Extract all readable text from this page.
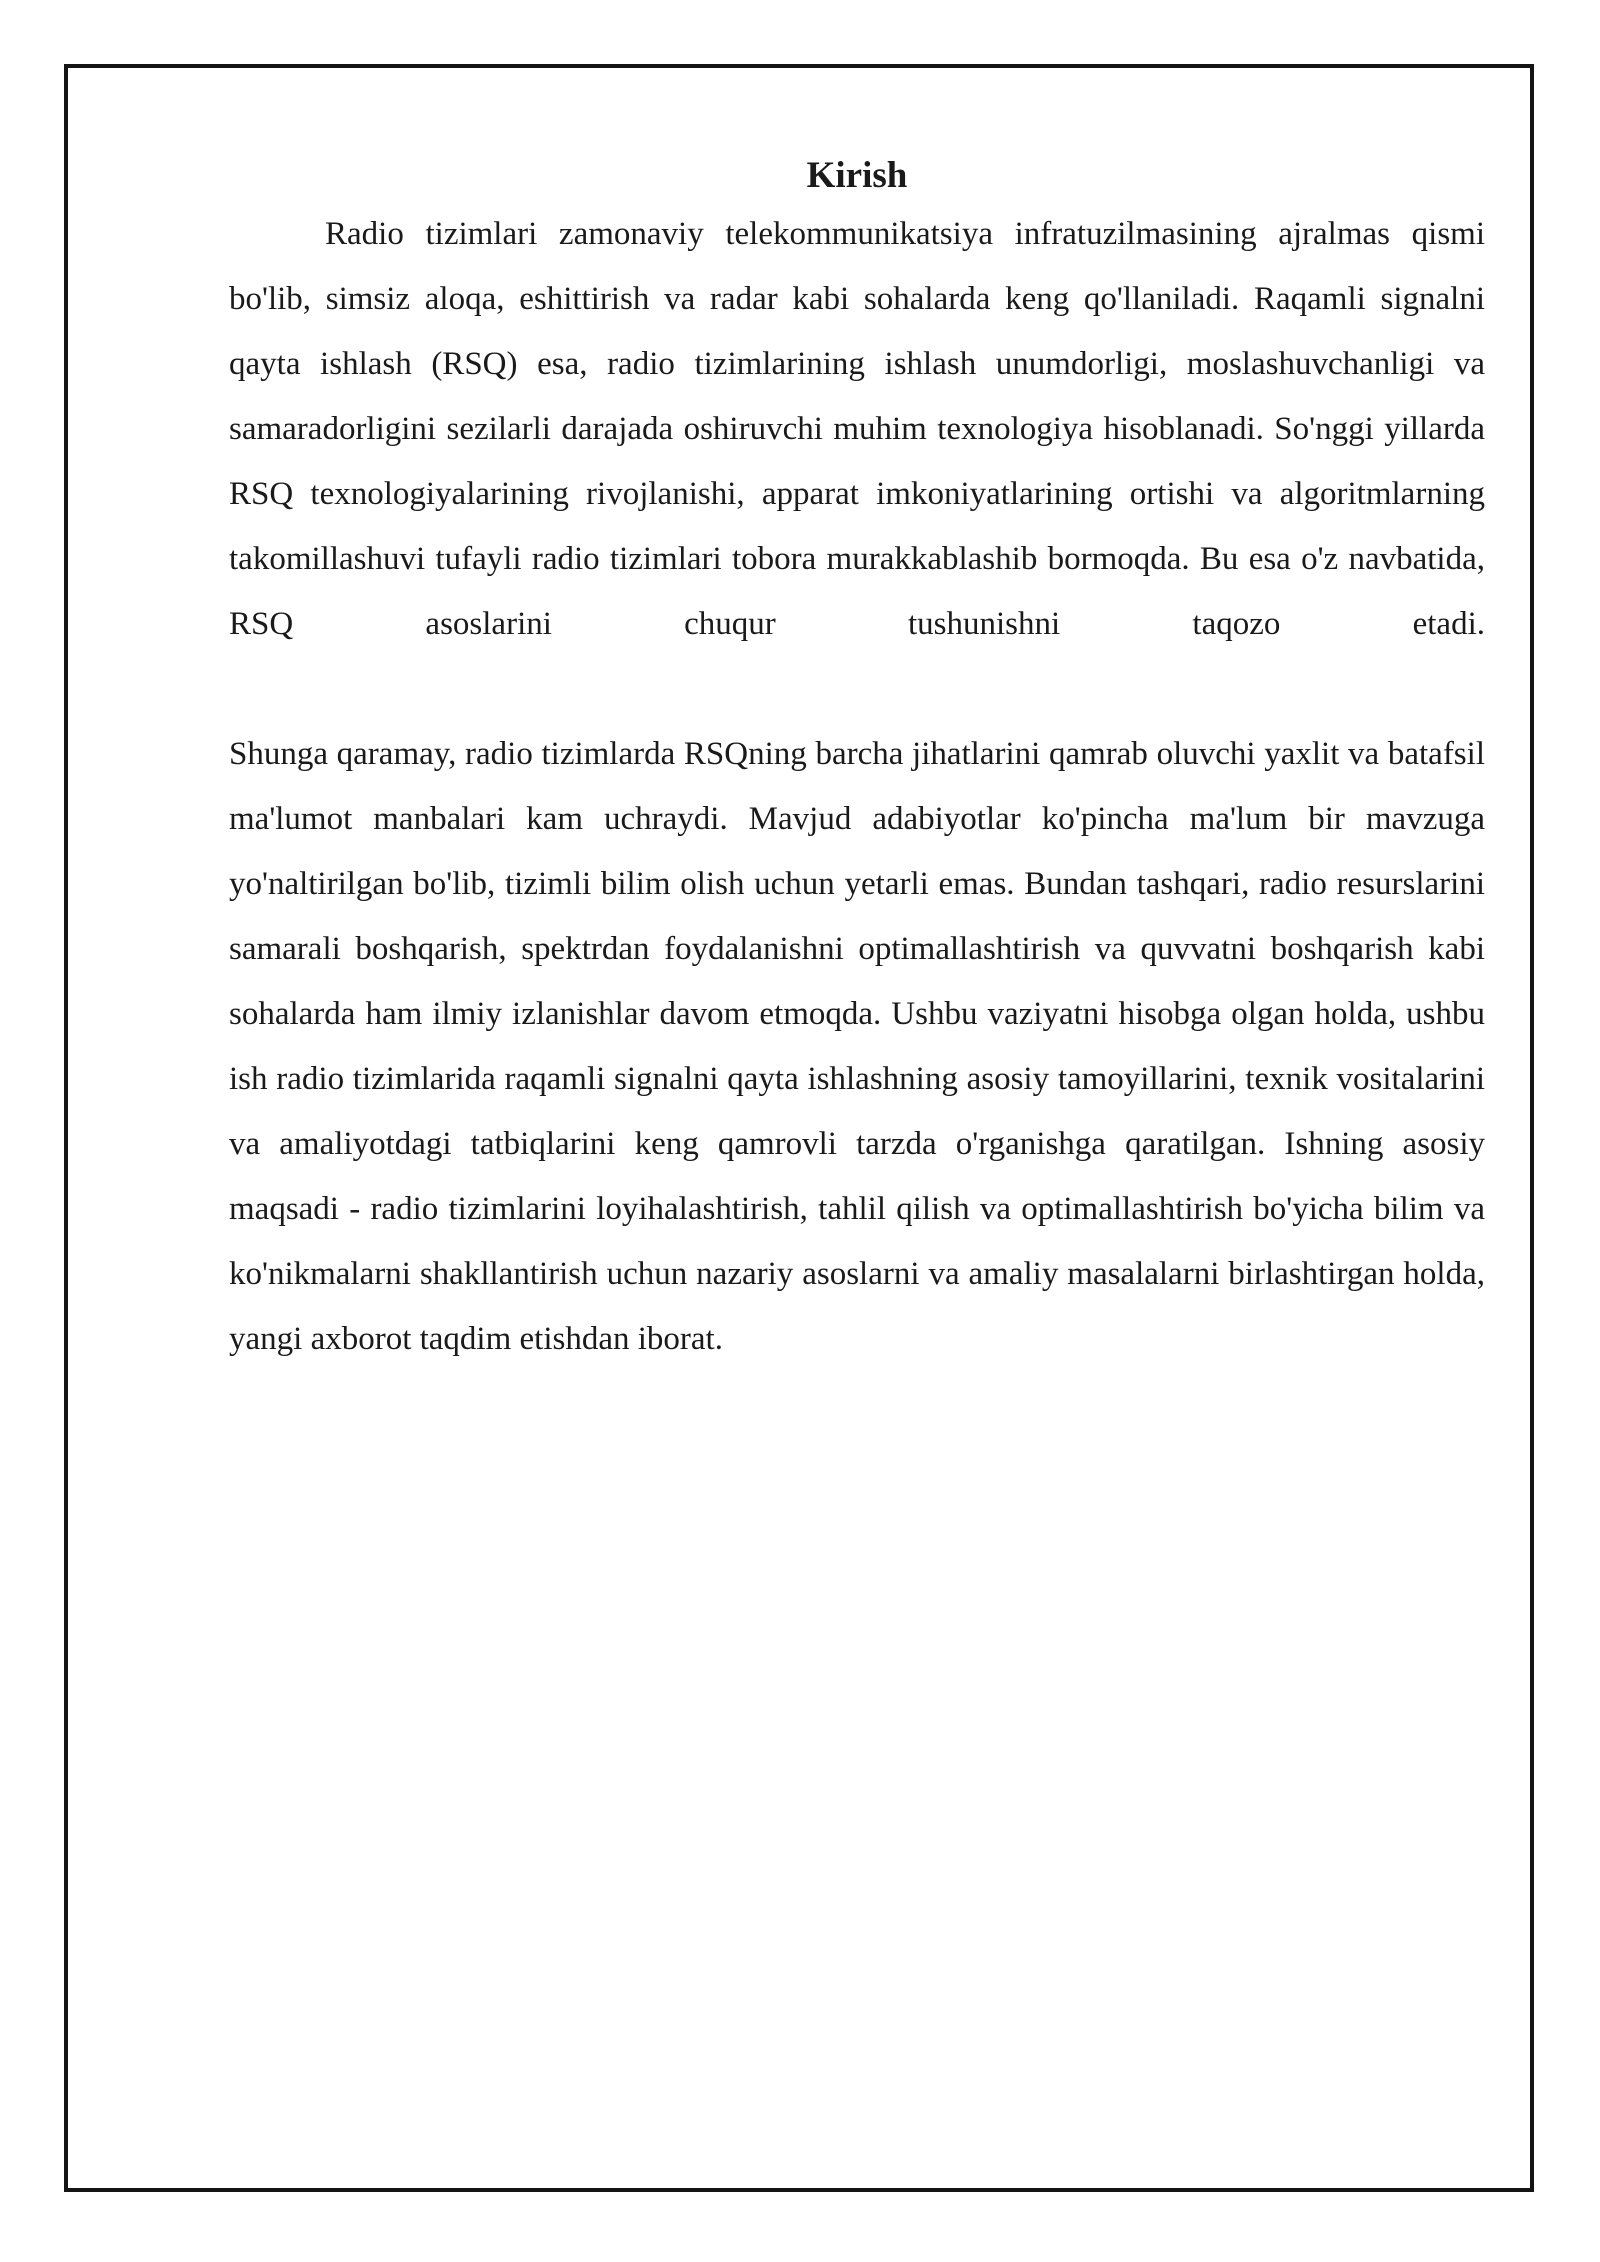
Kirish

Radio tizimlari zamonaviy telekommunikatsiya infratuzilmasining ajralmas qismi bo'lib, simsiz aloqa, eshittirish va radar kabi sohalarda keng qo'llaniladi. Raqamli signalni qayta ishlash (RSQ) esa, radio tizimlarining ishlash unumdorligi, moslashuvchanligi va samaradorligini sezilarli darajada oshiruvchi muhim texnologiya hisoblanadi. So'nggi yillarda RSQ texnologiyalarining rivojlanishi, apparat imkoniyatlarining ortishi va algoritmlarning takomillashuvi tufayli radio tizimlari tobora murakkablashib bormoqda. Bu esa o'z navbatida, RSQ asoslarini chuqur tushunishni taqozo etadi.

Shunga qaramay, radio tizimlarda RSQning barcha jihatlarini qamrab oluvchi yaxlit va batafsil ma'lumot manbalari kam uchraydi. Mavjud adabiyotlar ko'pincha ma'lum bir mavzuga yo'naltirilgan bo'lib, tizimli bilim olish uchun yetarli emas. Bundan tashqari, radio resurslarini samarali boshqarish, spektrdan foydalanishni optimallashtirish va quvvatni boshqarish kabi sohalarda ham ilmiy izlanishlar davom etmoqda. Ushbu vaziyatni hisobga olgan holda, ushbu ish radio tizimlarida raqamli signalni qayta ishlashning asosiy tamoyillarini, texnik vositalarini va amaliyotdagi tatbiqlarini keng qamrovli tarzda o'rganishga qaratilgan. Ishning asosiy maqsadi - radio tizimlarini loyihalashtirish, tahlil qilish va optimallashtirish bo'yicha bilim va ko'nikmalarni shakllantirish uchun nazariy asoslarni va amaliy masalalarni birlashtirgan holda, yangi axborot taqdim etishdan iborat.
